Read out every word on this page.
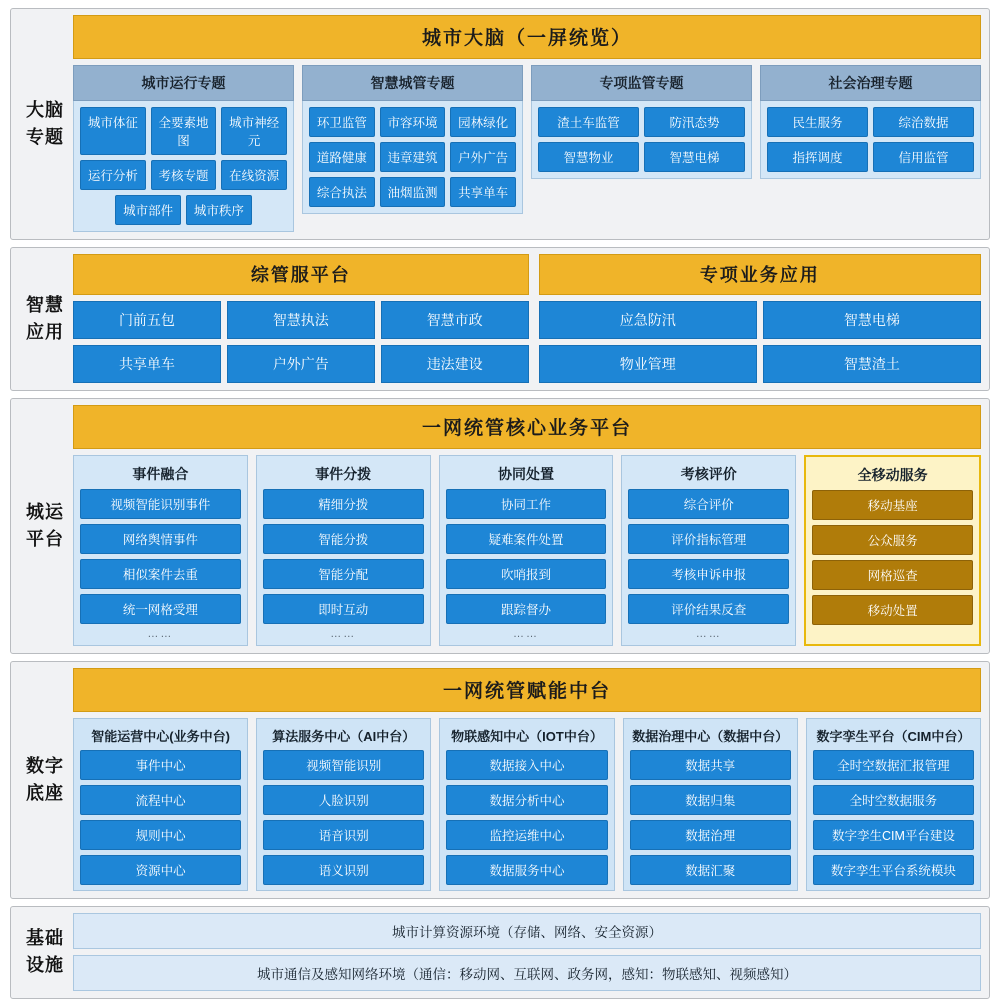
大脑
专题
城市大脑（一屏统览）
城市运行专题
城市体征	全要素地图
城市神经元
运行分析	考核专题	在线资源
城市部件	城市秩序
智慧城管专题
环卫监管	市容环境	园林绿化
道路健康	违章建筑	户外广告
综合执法	油烟监测	共享单车
专项监管专题
渣土车监管	防汛态势
智慧物业	智慧电梯
社会治理专题
民生服务	综治数据
指挥调度	信用监管
智慧
应用
综管服平台
门前五包	智慧执法	智慧市政
共享单车	户外广告	违法建设
专项业务应用
应急防汛	智慧电梯
物业管理	智慧渣土
城运
平台
一网统管核心业务平台
事件融合
视频智能识别事件
网络舆情事件
相似案件去重
统一网格受理
……
事件分拨
精细分拨
智能分拨
智能分配
即时互动
……
协同处置
协同工作
疑难案件处置
吹哨报到
跟踪督办
……
考核评价
综合评价
评价指标管理
考核申诉申报
评价结果反查
……
全移动服务
移动基座
公众服务
网格巡查
移动处置
数字
底座
一网统管赋能中台
智能运营中心(业务中台)
事件中心
流程中心
规则中心
资源中心
算法服务中心（AI中台）
视频智能识别
人脸识别
语音识别
语义识别
物联感知中心（IOT中台）
数据接入中心
数据分析中心
监控运维中心
数据服务中心
数据治理中心（数据中台）
数据共享
数据归集
数据治理
数据汇聚
数字孪生平台（CIM中台）
全时空数据汇报管理
全时空数据服务
数字孪生CIM平台建设
数字孪生平台系统模块
基础
设施
城市计算资源环境（存储、网络、安全资源）
城市通信及感知网络环境（通信：移动网、互联网、政务网，感知：物联感知、视频感知）
